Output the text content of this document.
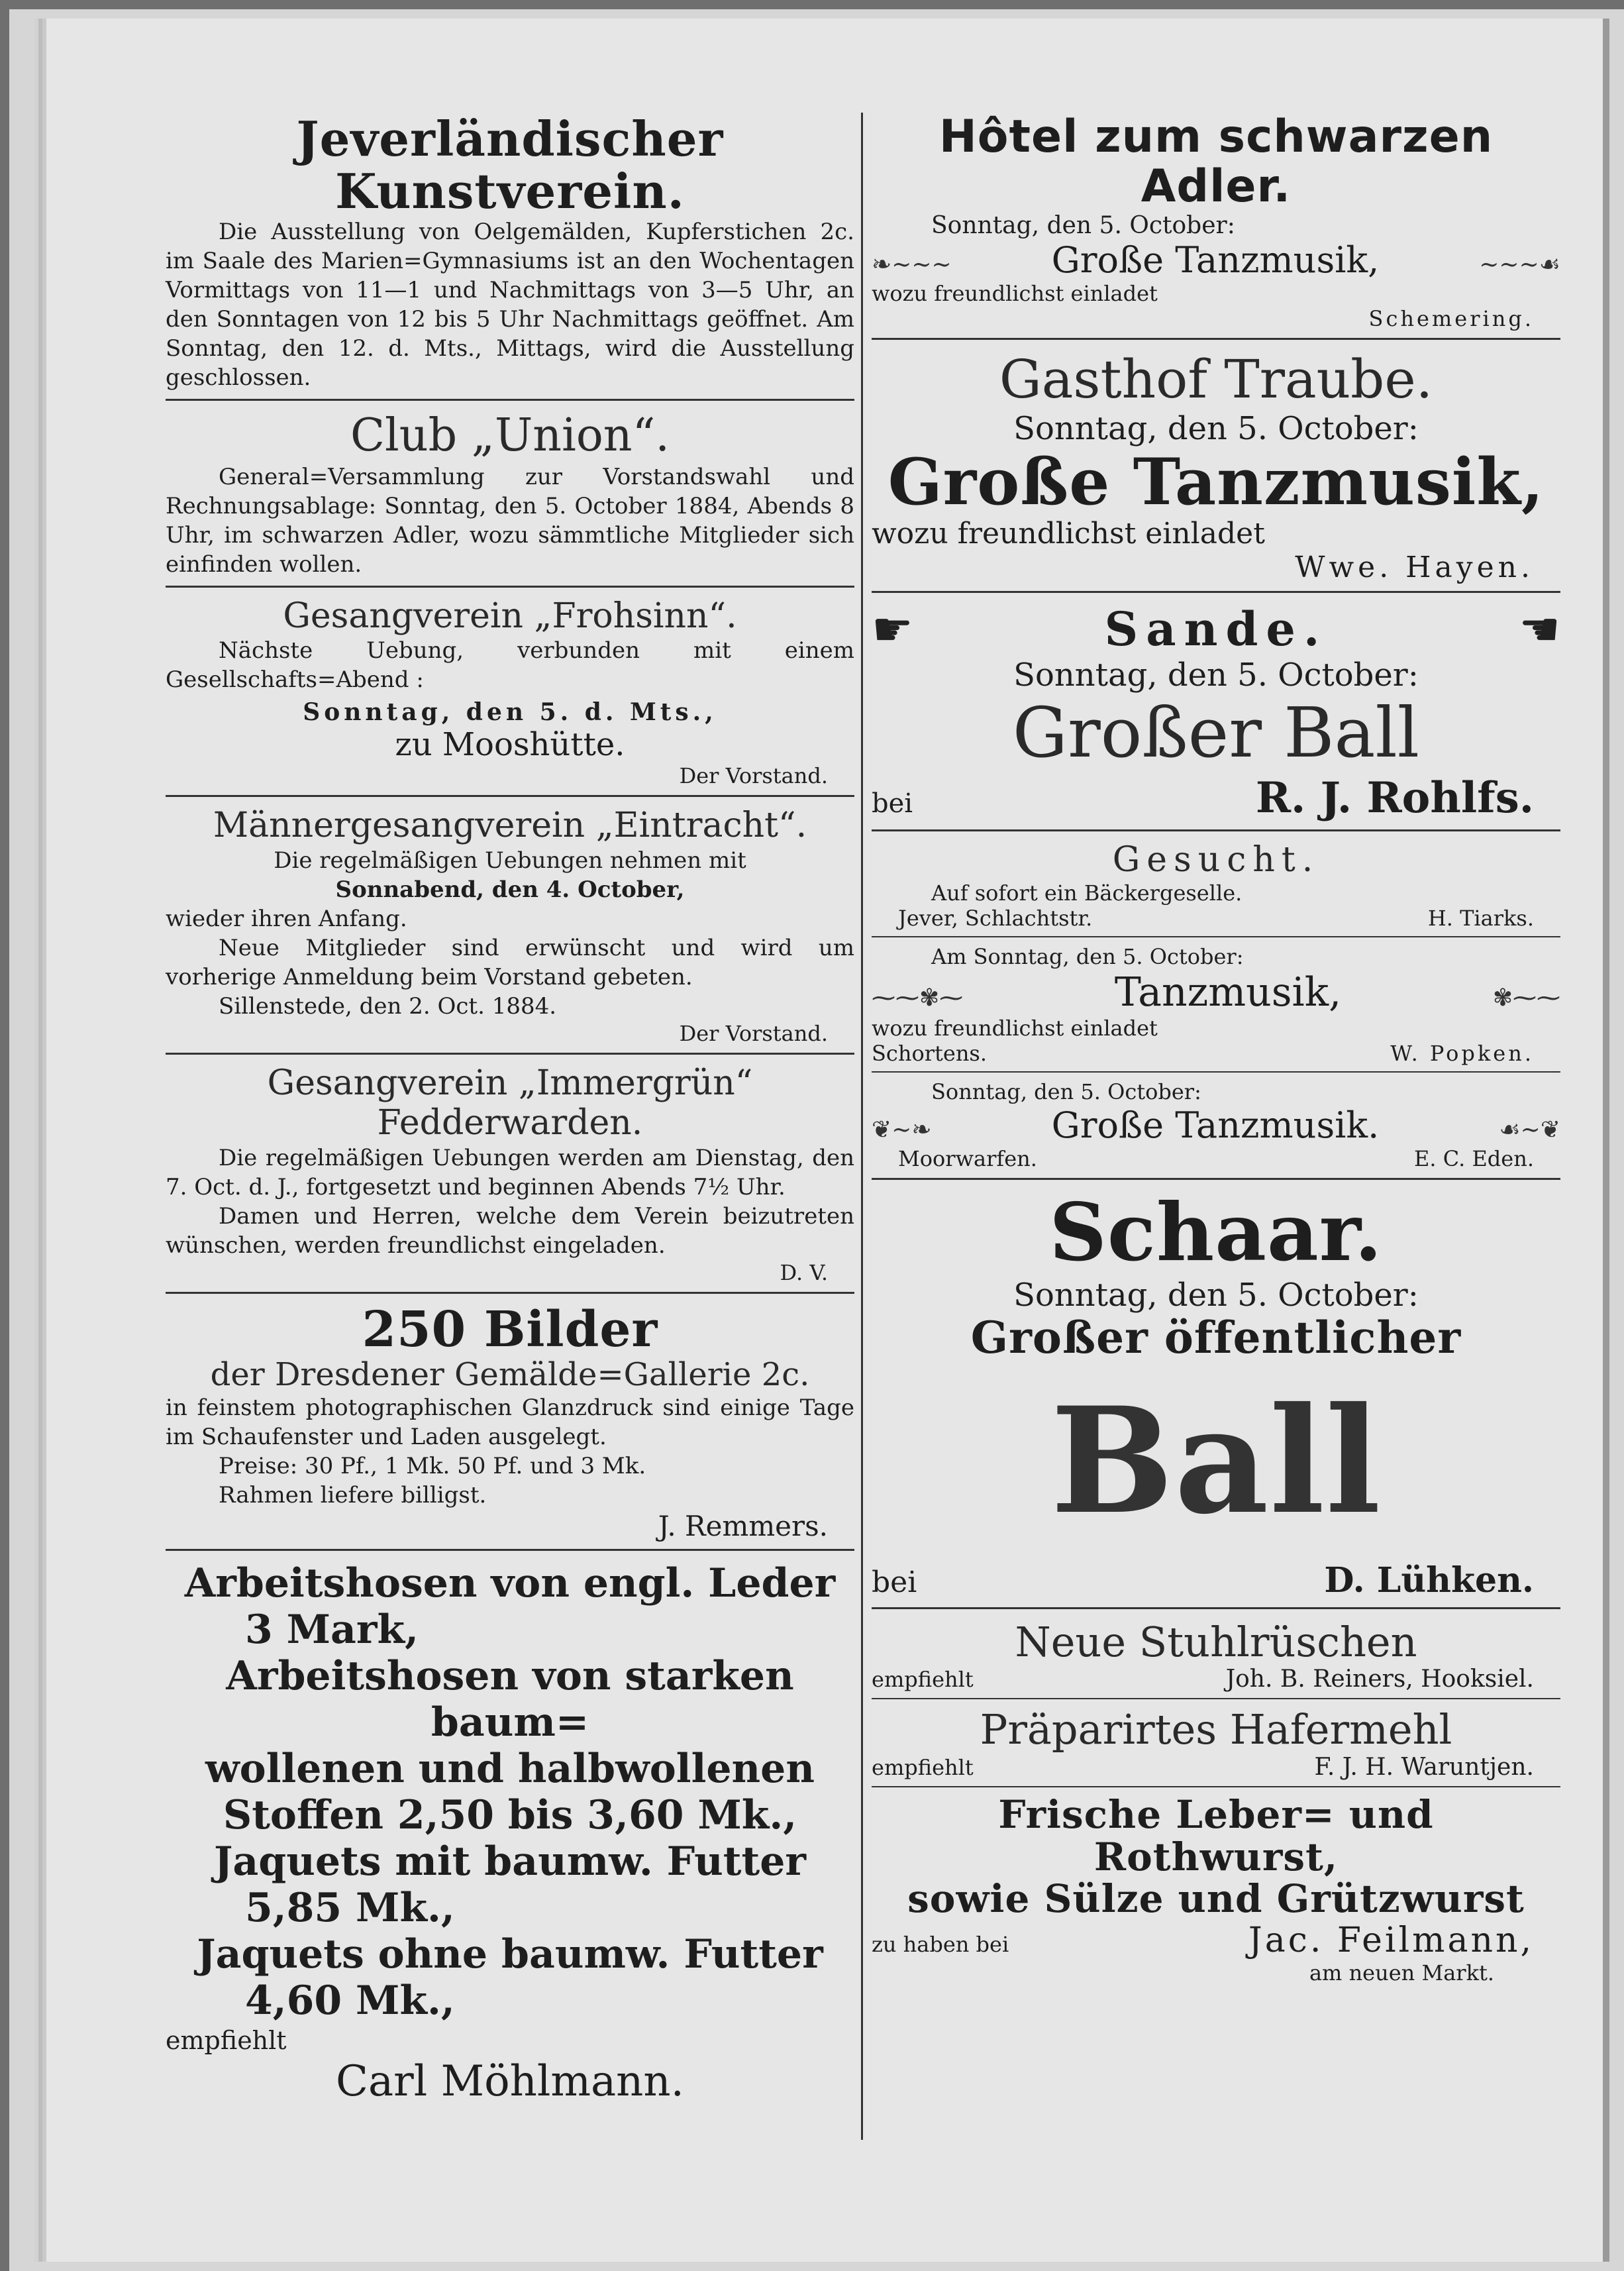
Jeverländischer Kunstverein.
Die Ausstellung von Oelgemälden, Kupferstichen 2c. im Saale des Marien=Gymnasiums ist an den Wochentagen Vormittags von 11—1 und Nachmittags von 3—5 Uhr, an den Sonntagen von 12 bis 5 Uhr Nachmittags geöffnet. Am Sonntag, den 12. d. Mts., Mittags, wird die Ausstellung geschlossen.
Club „Union“.
General=Versammlung zur Vorstandswahl und Rechnungsablage: Sonntag, den 5. October 1884, Abends 8 Uhr, im schwarzen Adler, wozu sämmtliche Mitglieder sich einfinden wollen.
Gesangverein „Frohsinn“.
Nächste Uebung, verbunden mit einem Gesellschafts=Abend :
Sonntag, den 5. d. Mts.,
zu Mooshütte.
Der Vorstand.
Männergesangverein „Eintracht“.
Die regelmäßigen Uebungen nehmen mit
Sonnabend, den 4. October,
wieder ihren Anfang.
Neue Mitglieder sind erwünscht und wird um vorherige Anmeldung beim Vorstand gebeten.
Sillenstede, den 2. Oct. 1884.
Der Vorstand.
Gesangverein „Immergrün“
Fedderwarden.
Die regelmäßigen Uebungen werden am Dienstag, den 7. Oct. d. J., fortgesetzt und beginnen Abends 7½ Uhr.
Damen und Herren, welche dem Verein beizutreten wünschen, werden freundlichst eingeladen.
D. V.
250 Bilder
der Dresdener Gemälde=Gallerie 2c.
in feinstem photographischen Glanzdruck sind einige Tage im Schaufenster und Laden ausgelegt.
Preise: 30 Pf., 1 Mk. 50 Pf. und 3 Mk.
Rahmen liefere billigst.
J. Remmers.
Arbeitshosen von engl. Leder
3 Mark,
Arbeitshosen von starken baum=
wollenen und halbwollenen
Stoffen 2,50 bis 3,60 Mk.,
Jaquets mit baumw. Futter
5,85 Mk.,
Jaquets ohne baumw. Futter
4,60 Mk.,
empfiehlt
Carl Möhlmann.
Hôtel zum schwarzen Adler.
Sonntag, den 5. October:
❧~~~	Große Tanzmusik,	~~~☙
wozu freundlichst einladet
Schemering.
Gasthof Traube.
Sonntag, den 5. October:
Große Tanzmusik,
wozu freundlichst einladet
Wwe. Hayen.
☛	Sande.	☚
Sonntag, den 5. October:
Großer Ball
bei	R. J. Rohlfs.
Gesucht.
Auf sofort ein Bäckergeselle.
Jever, Schlachtstr.	H. Tiarks.
Am Sonntag, den 5. October:
⁓⁓✾⁓	Tanzmusik,	✾⁓⁓
wozu freundlichst einladet
Schortens.	W. Popken.
Sonntag, den 5. October:
❦~❧	Große Tanzmusik.	☙~❦
Moorwarfen.	E. C. Eden.
Schaar.
Sonntag, den 5. October:
Großer öffentlicher
Ball
bei	D. Lühken.
Neue Stuhlrüschen
empfiehlt	Joh. B. Reiners, Hooksiel.
Präparirtes Hafermehl
empfiehlt	F. J. H. Waruntjen.
Frische Leber= und Rothwurst,
sowie Sülze und Grützwurst
zu haben bei	Jac. Feilmann,
am neuen Markt.
